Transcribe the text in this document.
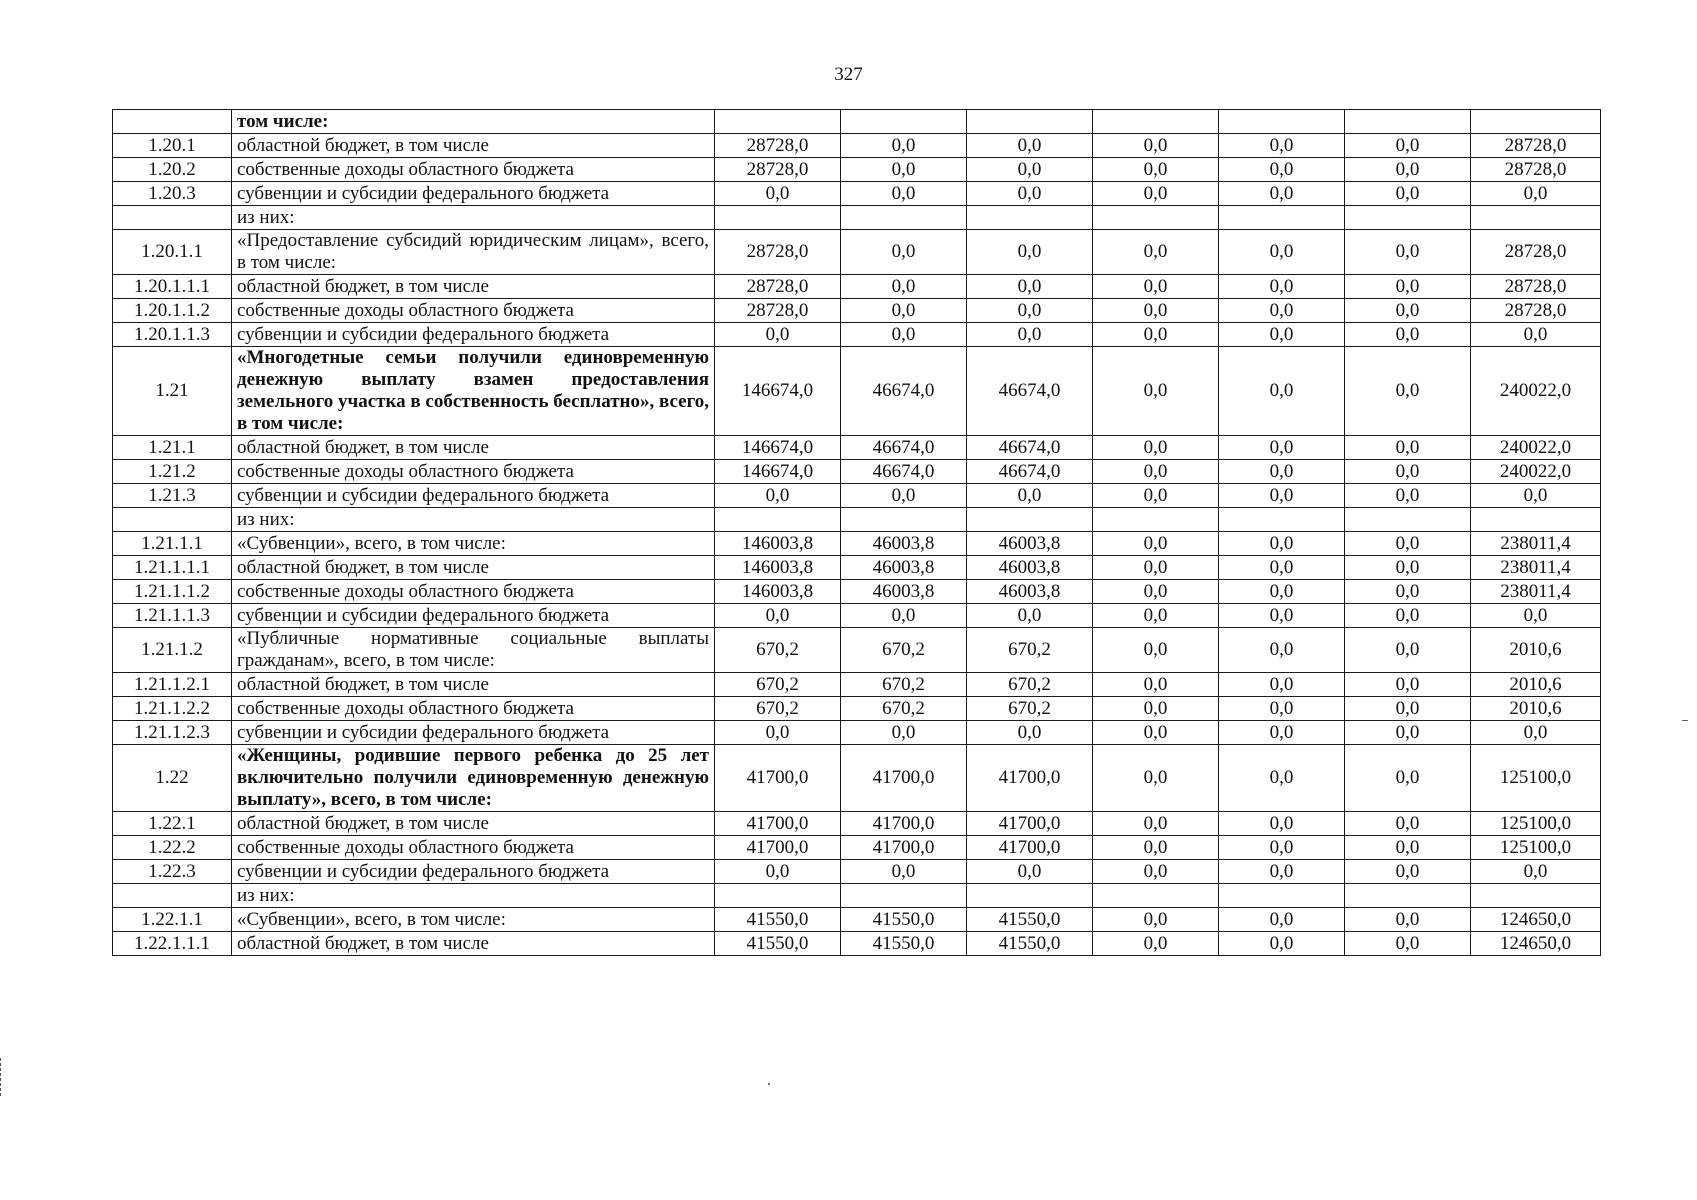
327
	том числе:							
1.20.1	областной бюджет, в том числе	28728,0	0,0	0,0	0,0	0,0	0,0	28728,0
1.20.2	собственные доходы областного бюджета	28728,0	0,0	0,0	0,0	0,0	0,0	28728,0
1.20.3	субвенции и субсидии федерального бюджета	0,0	0,0	0,0	0,0	0,0	0,0	0,0
	из них:							
1.20.1.1	«Предоставление субсидий юридическим лицам», всего, в том числе:	28728,0	0,0	0,0	0,0	0,0	0,0	28728,0
1.20.1.1.1	областной бюджет, в том числе	28728,0	0,0	0,0	0,0	0,0	0,0	28728,0
1.20.1.1.2	собственные доходы областного бюджета	28728,0	0,0	0,0	0,0	0,0	0,0	28728,0
1.20.1.1.3	субвенции и субсидии федерального бюджета	0,0	0,0	0,0	0,0	0,0	0,0	0,0
1.21	«Многодетные семьи получили единовременную денежную выплату взамен предоставления земельного участка в собственность бесплатно», всего, в том числе:	146674,0	46674,0	46674,0	0,0	0,0	0,0	240022,0
1.21.1	областной бюджет, в том числе	146674,0	46674,0	46674,0	0,0	0,0	0,0	240022,0
1.21.2	собственные доходы областного бюджета	146674,0	46674,0	46674,0	0,0	0,0	0,0	240022,0
1.21.3	субвенции и субсидии федерального бюджета	0,0	0,0	0,0	0,0	0,0	0,0	0,0
	из них:							
1.21.1.1	«Субвенции», всего, в том числе:	146003,8	46003,8	46003,8	0,0	0,0	0,0	238011,4
1.21.1.1.1	областной бюджет, в том числе	146003,8	46003,8	46003,8	0,0	0,0	0,0	238011,4
1.21.1.1.2	собственные доходы областного бюджета	146003,8	46003,8	46003,8	0,0	0,0	0,0	238011,4
1.21.1.1.3	субвенции и субсидии федерального бюджета	0,0	0,0	0,0	0,0	0,0	0,0	0,0
1.21.1.2	«Публичные нормативные социальные выплаты гражданам», всего, в том числе:	670,2	670,2	670,2	0,0	0,0	0,0	2010,6
1.21.1.2.1	областной бюджет, в том числе	670,2	670,2	670,2	0,0	0,0	0,0	2010,6
1.21.1.2.2	собственные доходы областного бюджета	670,2	670,2	670,2	0,0	0,0	0,0	2010,6
1.21.1.2.3	субвенции и субсидии федерального бюджета	0,0	0,0	0,0	0,0	0,0	0,0	0,0
1.22	«Женщины, родившие первого ребенка до 25 лет включительно получили единовременную денежную выплату», всего, в том числе:	41700,0	41700,0	41700,0	0,0	0,0	0,0	125100,0
1.22.1	областной бюджет, в том числе	41700,0	41700,0	41700,0	0,0	0,0	0,0	125100,0
1.22.2	собственные доходы областного бюджета	41700,0	41700,0	41700,0	0,0	0,0	0,0	125100,0
1.22.3	субвенции и субсидии федерального бюджета	0,0	0,0	0,0	0,0	0,0	0,0	0,0
	из них:							
1.22.1.1	«Субвенции», всего, в том числе:	41550,0	41550,0	41550,0	0,0	0,0	0,0	124650,0
1.22.1.1.1	областной бюджет, в том числе	41550,0	41550,0	41550,0	0,0	0,0	0,0	124650,0
